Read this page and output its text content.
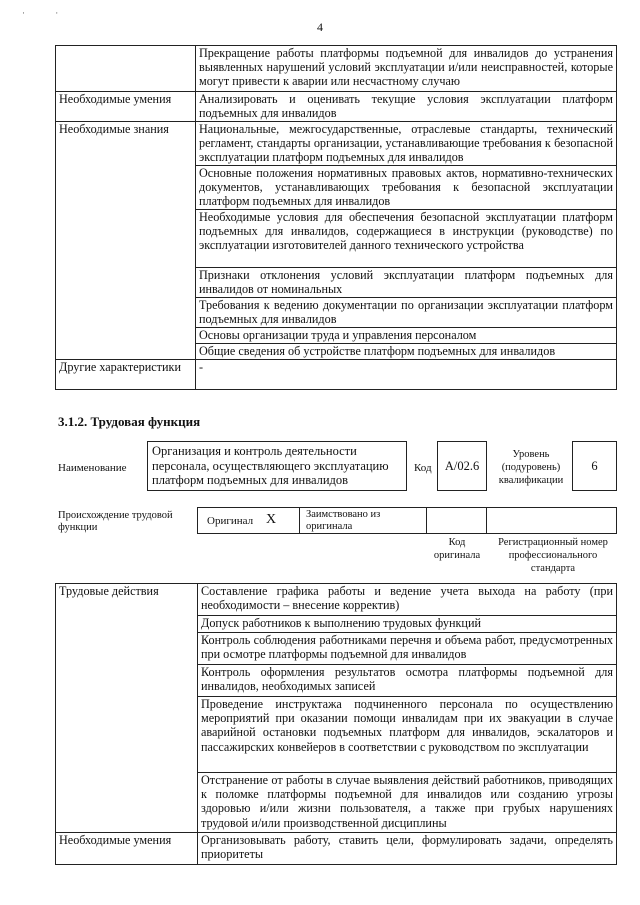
· ·
4
	Прекращение работы платформы подъемной для инвалидов до устранения выявленных нарушений условий эксплуатации и/или неисправностей, которые могут привести к аварии или несчастному случаю
Необходимые умения	Анализировать и оценивать текущие условия эксплуатации платформ подъемных для инвалидов
Необходимые знания	Национальные, межгосударственные, отраслевые стандарты, технический регламент, стандарты организации, устанавливающие требования к безопасной эксплуатации платформ подъемных для инвалидов
	Основные положения нормативных правовых актов, нормативно-технических документов, устанавливающих требования к безопасной эксплуатации платформ подъемных для инвалидов
	Необходимые условия для обеспечения безопасной эксплуатации платформ подъемных для инвалидов, содержащиеся в инструкции (руководстве) по эксплуатации изготовителей данного технического устройства
	Признаки отклонения условий эксплуатации платформ подъемных для инвалидов от номинальных
	Требования к ведению документации по организации эксплуатации платформ подъемных для инвалидов
	Основы организации труда и управления персоналом
	Общие сведения об устройстве платформ подъемных для инвалидов
Другие характеристики	-
3.1.2. Трудовая функция
Наименование
Организация и контроль деятельности персонала, осуществляющего эксплуатацию платформ подъемных для инвалидов
Код	А/02.6
Уровень (подуровень) квалификации
6
Происхождение трудовой функции
Оригинал Х	Заимствовано из оригинала
Код оригинала
Регистрационный номер профессионального стандарта
Трудовые действия	Составление графика работы и ведение учета выхода на работу (при необходимости – внесение корректив)
	Допуск работников к выполнению трудовых функций
	Контроль соблюдения работниками перечня и объема работ, предусмотренных при осмотре платформы подъемной для инвалидов
	Контроль оформления результатов осмотра платформы подъемной для инвалидов, необходимых записей
	Проведение инструктажа подчиненного персонала по осуществлению мероприятий при оказании помощи инвалидам при их эвакуации в случае аварийной остановки подъемных платформ для инвалидов, эскалаторов и пассажирских конвейеров в соответствии с руководством по эксплуатации
	Отстранение от работы в случае выявления действий работников, приводящих к поломке платформы подъемной для инвалидов или созданию угрозы здоровью и/или жизни пользователя, а также при грубых нарушениях трудовой и/или производственной дисциплины
Необходимые умения	Организовывать работу, ставить цели, формулировать задачи, определять приоритеты
